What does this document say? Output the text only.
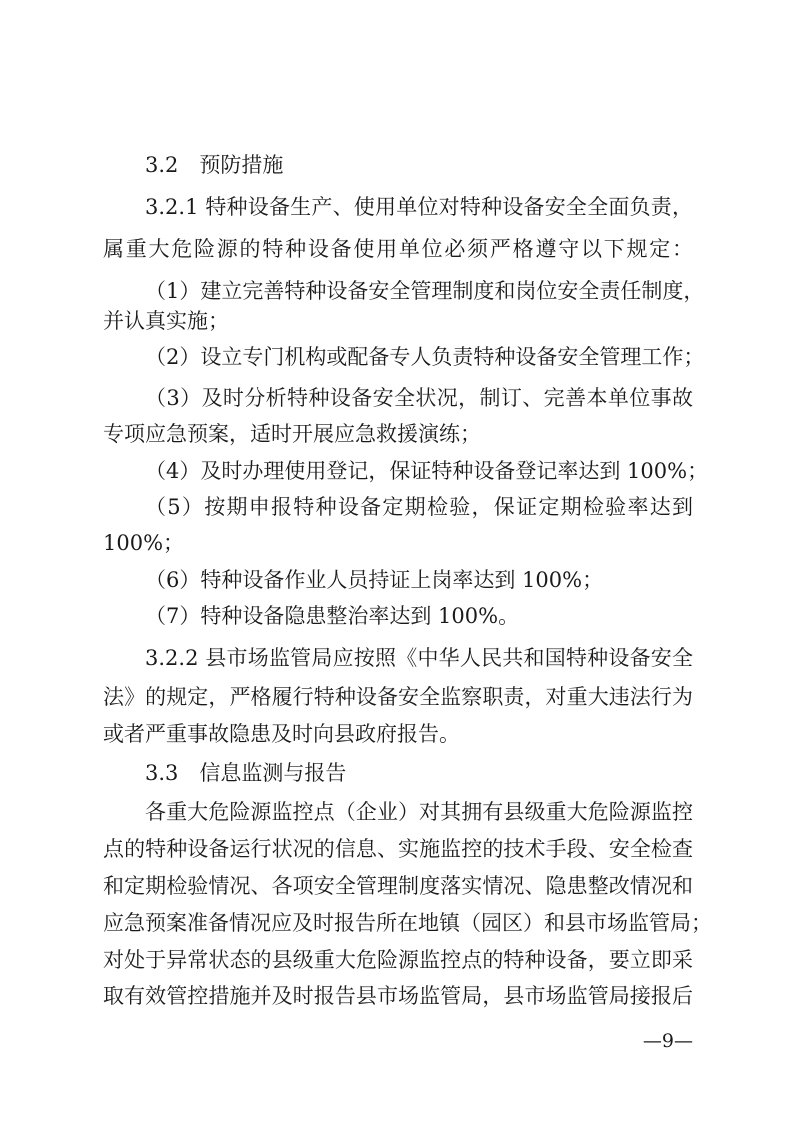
3.2　预防措施
3.2.1 特种设备生产、使用单位对特种设备安全全面负责，
属重大危险源的特种设备使用单位必须严格遵守以下规定：
（1）建立完善特种设备安全管理制度和岗位安全责任制度，
并认真实施；
（2）设立专门机构或配备专人负责特种设备安全管理工作；
（3）及时分析特种设备安全状况，制订、完善本单位事故
专项应急预案，适时开展应急救援演练；
（4）及时办理使用登记，保证特种设备登记率达到 100%；
（5）按期申报特种设备定期检验，保证定期检验率达到
100%；
（6）特种设备作业人员持证上岗率达到 100%；
（7）特种设备隐患整治率达到 100%。
3.2.2 县市场监管局应按照《中华人民共和国特种设备安全
法》的规定，严格履行特种设备安全监察职责，对重大违法行为
或者严重事故隐患及时向县政府报告。
3.3　信息监测与报告
各重大危险源监控点（企业）对其拥有县级重大危险源监控
点的特种设备运行状况的信息、实施监控的技术手段、安全检查
和定期检验情况、各项安全管理制度落实情况、隐患整改情况和
应急预案准备情况应及时报告所在地镇（园区）和县市场监管局；
对处于异常状态的县级重大危险源监控点的特种设备，要立即采
取有效管控措施并及时报告县市场监管局，县市场监管局接报后
—9—
